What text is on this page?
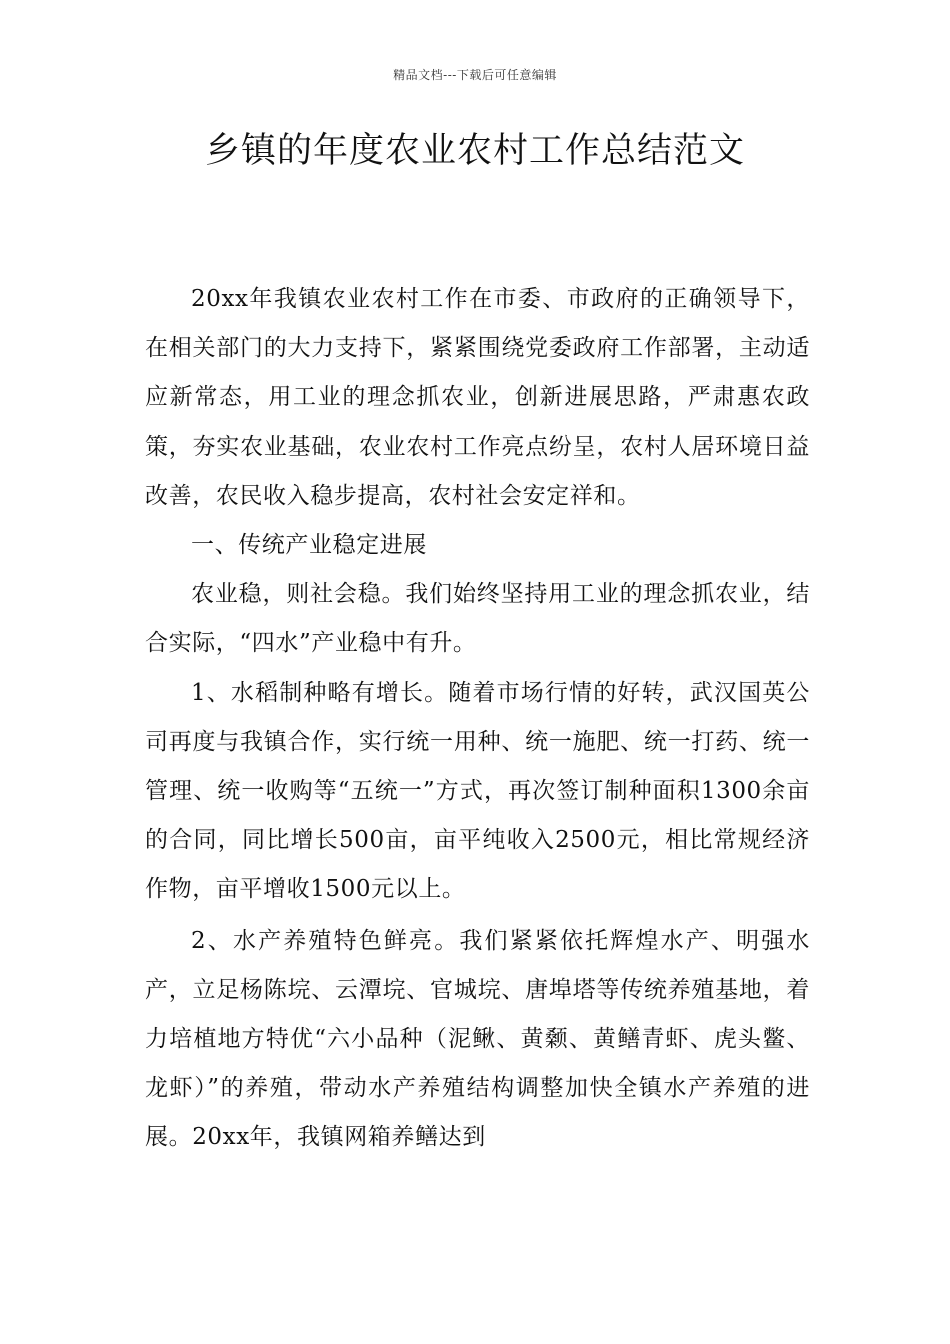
精品文档---下载后可任意编辑
乡镇的年度农业农村工作总结范文

20xx年我镇农业农村工作在市委、市政府的正确领导下，在相关部门的大力支持下，紧紧围绕党委政府工作部署，主动适应新常态，用工业的理念抓农业，创新进展思路，严肃惠农政策，夯实农业基础，农业农村工作亮点纷呈，农村人居环境日益改善，农民收入稳步提高，农村社会安定祥和。

一、传统产业稳定进展

农业稳，则社会稳。我们始终坚持用工业的理念抓农业，结合实际，“四水”产业稳中有升。

1、水稻制种略有增长。随着市场行情的好转，武汉国英公司再度与我镇合作，实行统一用种、统一施肥、统一打药、统一管理、统一收购等“五统一”方式，再次签订制种面积1300余亩的合同，同比增长500亩，亩平纯收入2500元，相比常规经济作物，亩平增收1500元以上。

2、水产养殖特色鲜亮。我们紧紧依托辉煌水产、明强水产，立足杨陈垸、云潭垸、官城垸、唐埠塔等传统养殖基地，着力培植地方特优“六小品种（泥鳅、黄颡、黄鳝青虾、虎头鳖、龙虾）”的养殖，带动水产养殖结构调整加快全镇水产养殖的进展。20xx年，我镇网箱养鳝达到
